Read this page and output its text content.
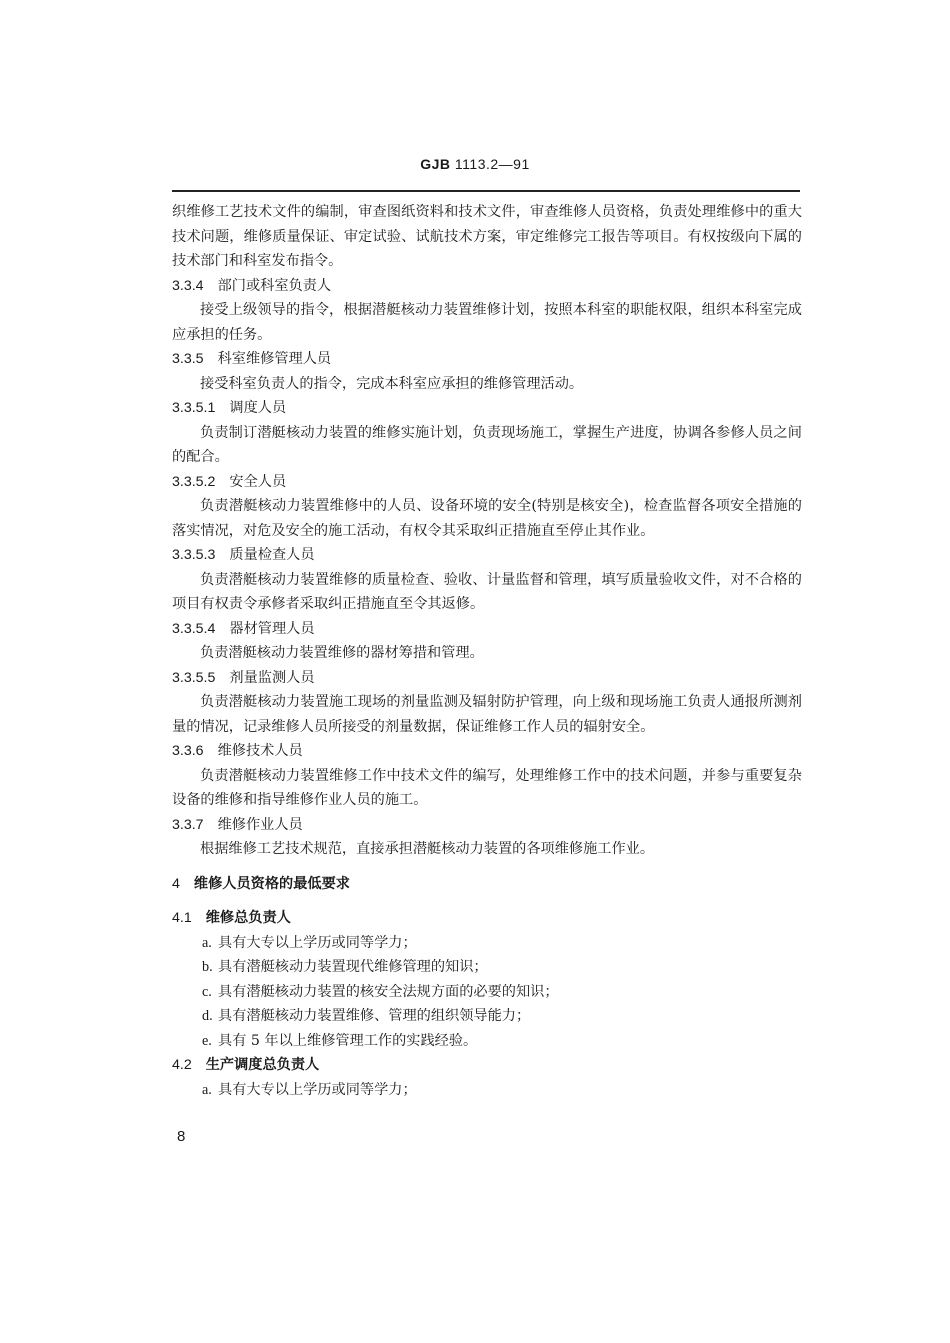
GJB 1113.2—91

织维修工艺技术文件的编制，审查图纸资料和技术文件，审查维修人员资格，负责处理维修中的重大技术问题，维修质量保证、审定试验、试航技术方案，审定维修完工报告等项目。有权按级向下属的技术部门和科室发布指令。

3.3.4 部门或科室负责人

接受上级领导的指令，根据潜艇核动力装置维修计划，按照本科室的职能权限，组织本科室完成应承担的任务。

3.3.5 科室维修管理人员

接受科室负责人的指令，完成本科室应承担的维修管理活动。

3.3.5.1 调度人员

负责制订潜艇核动力装置的维修实施计划，负责现场施工，掌握生产进度，协调各参修人员之间的配合。

3.3.5.2 安全人员

负责潜艇核动力装置维修中的人员、设备环境的安全(特别是核安全)，检查监督各项安全措施的落实情况，对危及安全的施工活动，有权令其采取纠正措施直至停止其作业。

3.3.5.3 质量检查人员

负责潜艇核动力装置维修的质量检查、验收、计量监督和管理，填写质量验收文件，对不合格的项目有权责令承修者采取纠正措施直至令其返修。

3.3.5.4 器材管理人员

负责潜艇核动力装置维修的器材筹措和管理。

3.3.5.5 剂量监测人员

负责潜艇核动力装置施工现场的剂量监测及辐射防护管理，向上级和现场施工负责人通报所测剂量的情况，记录维修人员所接受的剂量数据，保证维修工作人员的辐射安全。

3.3.6 维修技术人员

负责潜艇核动力装置维修工作中技术文件的编写，处理维修工作中的技术问题，并参与重要复杂设备的维修和指导维修作业人员的施工。

3.3.7 维修作业人员

根据维修工艺技术规范，直接承担潜艇核动力装置的各项维修施工作业。

4 维修人员资格的最低要求

4.1 维修总负责人

a. 具有大专以上学历或同等学力；

b. 具有潜艇核动力装置现代维修管理的知识；

c. 具有潜艇核动力装置的核安全法规方面的必要的知识；

d. 具有潜艇核动力装置维修、管理的组织领导能力；

e. 具有 5 年以上维修管理工作的实践经验。

4.2 生产调度总负责人

a. 具有大专以上学历或同等学力；

8
